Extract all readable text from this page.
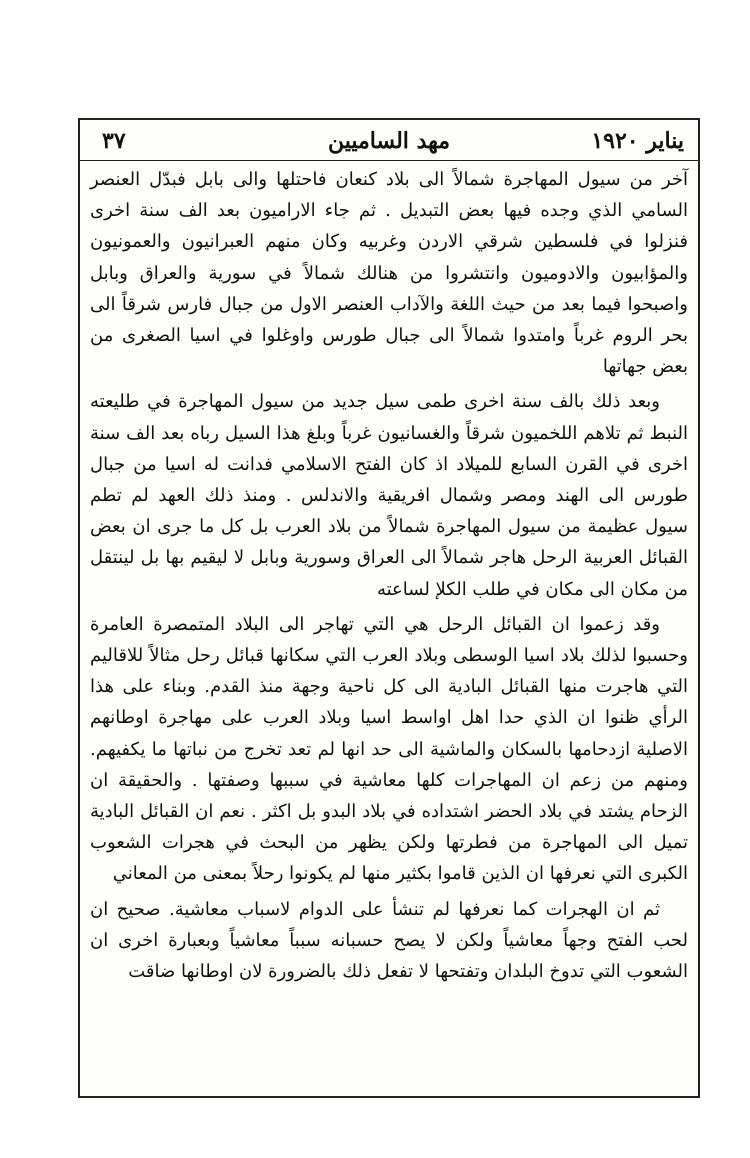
يناير ١٩٢٠
مهد الساميين
٣٧

آخر من سيول المهاجرة شمالاً الى بلاد كنعان فاحتلها والى بابل فبدّل العنصر السامي الذي وجده فيها بعض التبديل . ثم جاء الاراميون بعد الف سنة اخرى فنزلوا في فلسطين شرقي الاردن وغربيه وكان منهم العبرانيون والعمونيون والمؤابيون والادوميون وانتشروا من هنالك شمالاً في سورية والعراق وبابل واصبحوا فيما بعد من حيث اللغة والآداب العنصر الاول من جبال فارس شرقاً الى بحر الروم غرباً وامتدوا شمالاً الى جبال طورس واوغلوا في اسيا الصغرى من بعض جهاتها

وبعد ذلك بالف سنة اخرى طمى سيل جديد من سيول المهاجرة في طليعته النبط ثم تلاهم اللخميون شرقاً والغسانيون غرباً وبلغ هذا السيل رباه بعد الف سنة اخرى في القرن السابع للميلاد اذ كان الفتح الاسلامي فدانت له اسيا من جبال طورس الى الهند ومصر وشمال افريقية والاندلس . ومنذ ذلك العهد لم تطم سيول عظيمة من سيول المهاجرة شمالاً من بلاد العرب بل كل ما جرى ان بعض القبائل العربية الرحل هاجر شمالاً الى العراق وسورية وبابل لا ليقيم بها بل لينتقل من مكان الى مكان في طلب الكلإ لساعته

وقد زعموا ان القبائل الرحل هي التي تهاجر الى البلاد المتمصرة العامرة وحسبوا لذلك بلاد اسيا الوسطى وبلاد العرب التي سكانها قبائل رحل مثالاً للاقاليم التي هاجرت منها القبائل البادية الى كل ناحية وجهة منذ القدم. وبناء على هذا الرأي ظنوا ان الذي حدا اهل اواسط اسيا وبلاد العرب على مهاجرة اوطانهم الاصلية ازدحامها بالسكان والماشية الى حد انها لم تعد تخرج من نباتها ما يكفيهم. ومنهم من زعم ان المهاجرات كلها معاشية في سببها وصفتها . والحقيقة ان الزحام يشتد في بلاد الحضر اشتداده في بلاد البدو بل اكثر . نعم ان القبائل البادية تميل الى المهاجرة من فطرتها ولكن يظهر من البحث في هجرات الشعوب الكبرى التي نعرفها ان الذين قاموا بكثير منها لم يكونوا رحلاً بمعنى من المعاني

ثم ان الهجرات كما نعرفها لم تنشأ على الدوام لاسباب معاشية. صحيح ان لحب الفتح وجهاً معاشياً ولكن لا يصح حسبانه سبباً معاشياً وبعبارة اخرى ان الشعوب التي تدوخ البلدان وتفتحها لا تفعل ذلك بالضرورة لان اوطانها ضاقت
